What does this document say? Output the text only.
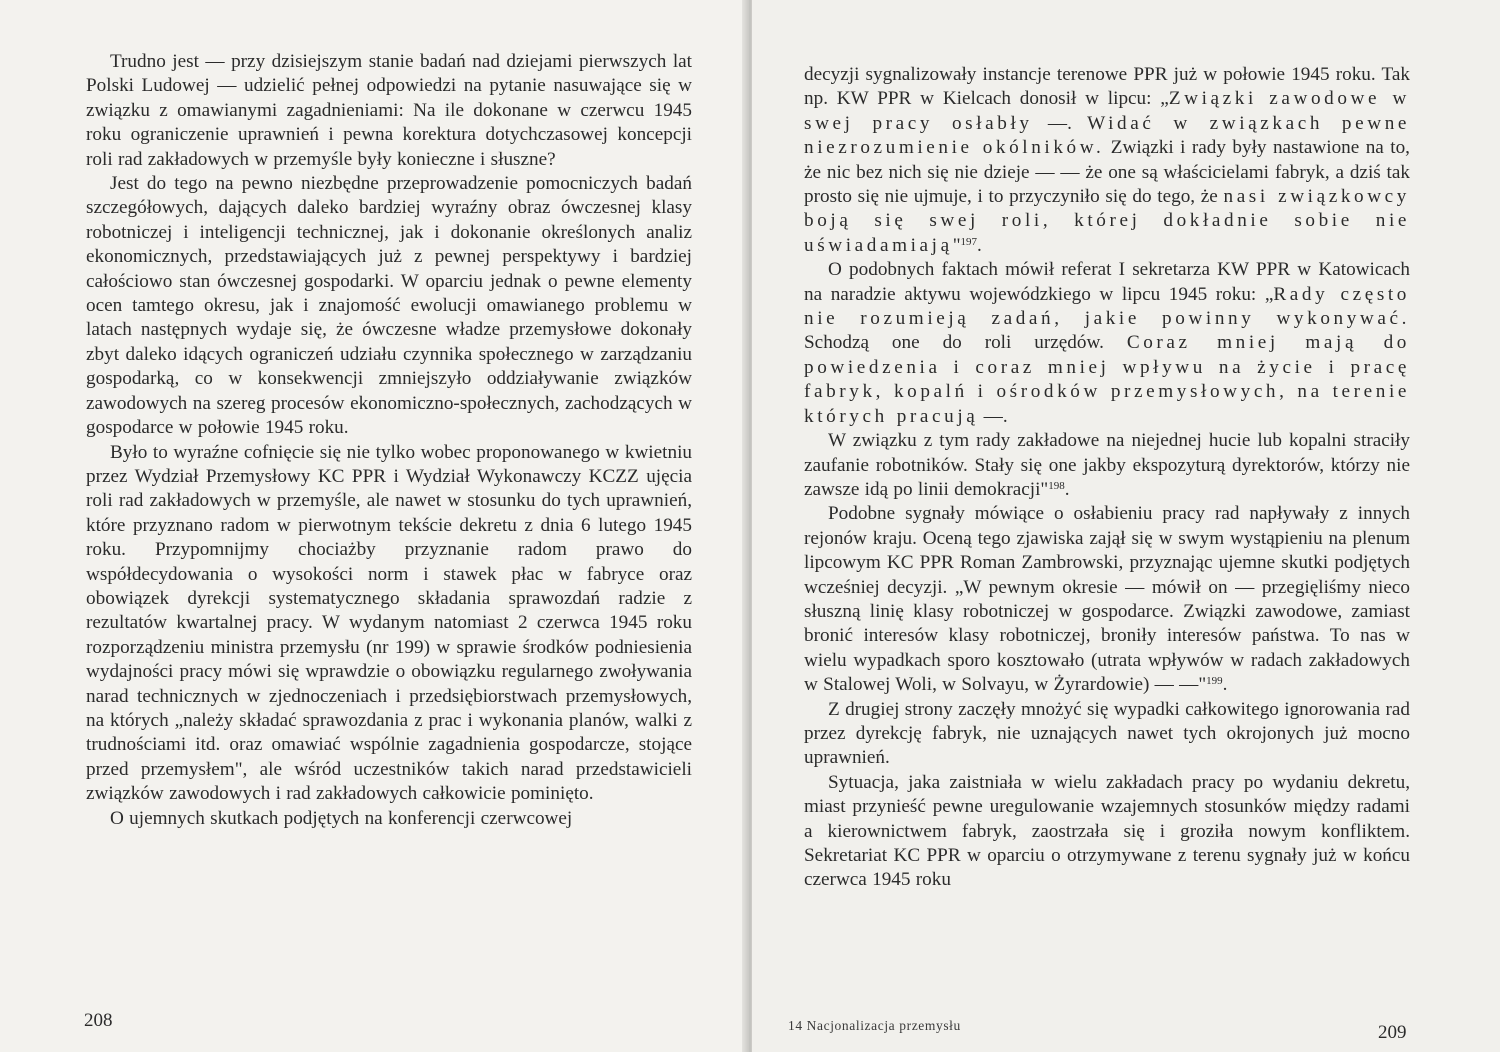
Trudno jest — przy dzisiejszym stanie badań nad dziejami pierwszych lat Polski Ludowej — udzielić pełnej odpowiedzi na pytanie nasuwające się w związku z omawianymi zagadnieniami: Na ile dokonane w czerwcu 1945 roku ograniczenie uprawnień i pewna korektura dotychczasowej koncepcji roli rad zakładowych w przemyśle były konieczne i słuszne?

Jest do tego na pewno niezbędne przeprowadzenie pomocniczych badań szczegółowych, dających daleko bardziej wyraźny obraz ówczesnej klasy robotniczej i inteligencji technicznej, jak i dokonanie określonych analiz ekonomicznych, przedstawiających już z pewnej perspektywy i bardziej całościowo stan ówczesnej gospodarki. W oparciu jednak o pewne elementy ocen tamtego okresu, jak i znajomość ewolucji omawianego problemu w latach następnych wydaje się, że ówczesne władze przemysłowe dokonały zbyt daleko idących ograniczeń udziału czynnika społecznego w zarządzaniu gospodarką, co w konsekwencji zmniejszyło oddziaływanie związków zawodowych na szereg procesów ekonomiczno-społecznych, zachodzących w gospodarce w połowie 1945 roku.

Było to wyraźne cofnięcie się nie tylko wobec proponowanego w kwietniu przez Wydział Przemysłowy KC PPR i Wydział Wykonawczy KCZZ ujęcia roli rad zakładowych w przemyśle, ale nawet w stosunku do tych uprawnień, które przyznano radom w pierwotnym tekście dekretu z dnia 6 lutego 1945 roku. Przypomnijmy chociażby przyznanie radom prawo do współdecydowania o wysokości norm i stawek płac w fabryce oraz obowiązek dyrekcji systematycznego składania sprawozdań radzie z rezultatów kwartalnej pracy. W wydanym natomiast 2 czerwca 1945 roku rozporządzeniu ministra przemysłu (nr 199) w sprawie środków podniesienia wydajności pracy mówi się wprawdzie o obowiązku regularnego zwoływania narad technicznych w zjednoczeniach i przedsiębiorstwach przemysłowych, na których „należy składać sprawozdania z prac i wykonania planów, walki z trudnościami itd. oraz omawiać wspólnie zagadnienia gospodarcze, stojące przed przemysłem", ale wśród uczestników takich narad przedstawicieli związków zawodowych i rad zakładowych całkowicie pominięto.

O ujemnych skutkach podjętych na konferencji czerwcowej

208

decyzji sygnalizowały instancje terenowe PPR już w połowie 1945 roku. Tak np. KW PPR w Kielcach donosił w lipcu: „Związki zawodowe w swej pracy osłabły —. Widać w związkach pewne niezrozumienie okólników. Związki i rady były nastawione na to, że nic bez nich się nie dzieje — — że one są właścicielami fabryk, a dziś tak prosto się nie ujmuje, i to przyczyniło się do tego, że nasi związkowcy boją się swej roli, której dokładnie sobie nie uświadamiają"$^{197}$.

O podobnych faktach mówił referat I sekretarza KW PPR w Katowicach na naradzie aktywu wojewódzkiego w lipcu 1945 roku: „Rady często nie rozumieją zadań, jakie powinny wykonywać. Schodzą one do roli urzędów. Coraz mniej mają do powiedzenia i coraz mniej wpływu na życie i pracę fabryk, kopalń i ośrodków przemysłowych, na terenie których pracują —.

W związku z tym rady zakładowe na niejednej hucie lub kopalni straciły zaufanie robotników. Stały się one jakby ekspozyturą dyrektorów, którzy nie zawsze idą po linii demokracji"$^{198}$.

Podobne sygnały mówiące o osłabieniu pracy rad napływały z innych rejonów kraju. Oceną tego zjawiska zajął się w swym wystąpieniu na plenum lipcowym KC PPR Roman Zambrowski, przyznając ujemne skutki podjętych wcześniej decyzji. „W pewnym okresie — mówił on — przegięliśmy nieco słuszną linię klasy robotniczej w gospodarce. Związki zawodowe, zamiast bronić interesów klasy robotniczej, broniły interesów państwa. To nas w wielu wypadkach sporo kosztowało (utrata wpływów w radach zakładowych w Stalowej Woli, w Solvayu, w Żyrardowie) — —"$^{199}$.

Z drugiej strony zaczęły mnożyć się wypadki całkowitego ignorowania rad przez dyrekcję fabryk, nie uznających nawet tych okrojonych już mocno uprawnień.

Sytuacja, jaka zaistniała w wielu zakładach pracy po wydaniu dekretu, miast przynieść pewne uregulowanie wzajemnych stosunków między radami a kierownictwem fabryk, zaostrzała się i groziła nowym konfliktem. Sekretariat KC PPR w oparciu o otrzymywane z terenu sygnały już w końcu czerwca 1945 roku

14 Nacjonalizacja przemysłu	209
